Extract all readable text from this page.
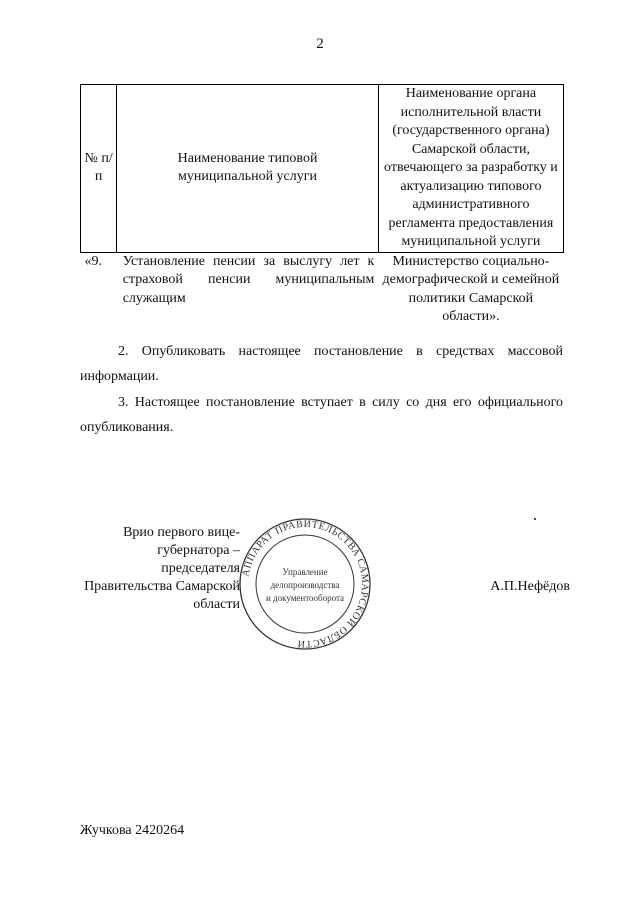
2
№ п/п	Наименование типовой муниципальной услуги	Наименование органа исполнительной власти (государственного органа) Самарской области, отвечающего за разработку и актуализацию типового административного регламента предоставления муниципальной услуги
«9.	Установление пенсии за выслугу лет к страховой пенсии муниципальным служащим	Министерство социально-демографической и семейной политики Самарской области».

2. Опубликовать настоящее постановление в средствах массовой информации.

3. Настоящее постановление вступает в силу со дня его официального опубликования.

Врио первого вице-губернатора – председателя Правительства Самарской области
АППАРАТ ПРАВИТЕЛЬСТВА САМАРСКОЙ ОБЛАСТИ
Управление
делопроизводства
и документооборота
А.П.Нефёдов
Жучкова 2420264
